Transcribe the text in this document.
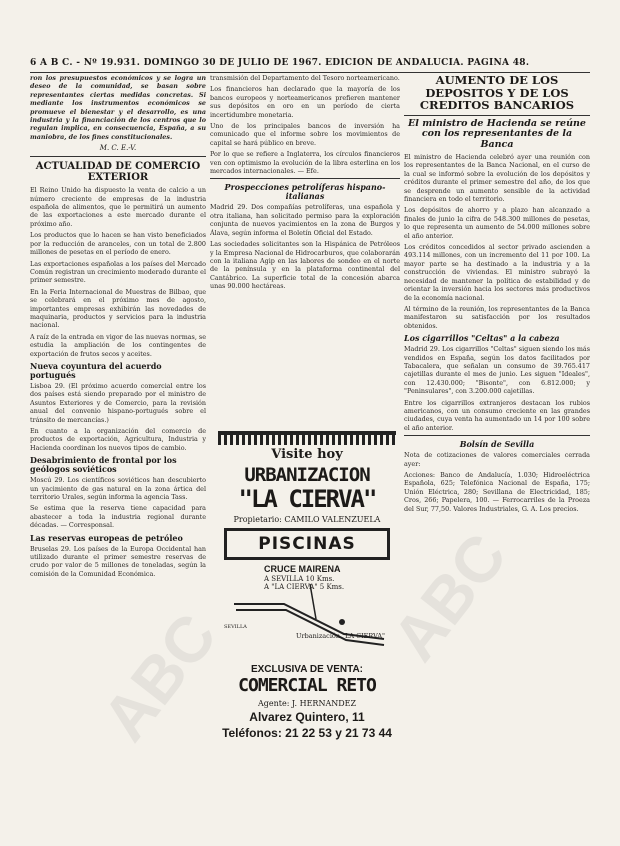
6 A B C. - Nº 19.931. DOMINGO 30 DE JULIO DE 1967. EDICION DE ANDALUCIA. PAGINA 48.

ron los presupuestos económicos y se logra un deseo de la comunidad, se basan sobre representantes ciertas medidas concretas. Si mediante los instrumentos económicos se promueve el bienestar y el desarrollo, es una industria y la financiación de los centros que lo regulan implica, en consecuencia, España, a su maniobra, de los fines constitucionales.

M. C. E.-V.
ACTUALIDAD DE COMERCIO EXTERIOR

El Reino Unido ha dispuesto la venta de calcio a un número creciente de empresas de la industria española de alimentos, que le permitirá un aumento de las exportaciones a este mercado durante el próximo año.

Los productos que lo hacen se han visto beneficiados por la reducción de aranceles, con un total de 2.800 millones de pesetas en el período de enero.

Las exportaciones españolas a los países del Mercado Común registran un crecimiento moderado durante el primer semestre.

En la Feria Internacional de Muestras de Bilbao, que se celebrará en el próximo mes de agosto, importantes empresas exhibirán las novedades de maquinaria, productos y servicios para la industria nacional.

A raíz de la entrada en vigor de las nuevas normas, se estudia la ampliación de los contingentes de exportación de frutos secos y aceites.

Nueva coyuntura del acuerdo portugués

Lisboa 29. (El próximo acuerdo comercial entre los dos países está siendo preparado por el ministro de Asuntos Exteriores y de Comercio, para la revisión anual del convenio hispano-portugués sobre el tránsito de mercancías.)

En cuanto a la organización del comercio de productos de exportación, Agricultura, Industria y Hacienda coordinan los nuevos tipos de cambio.

Desabrimiento de frontal por los geólogos soviéticos

Moscú 29. Los científicos soviéticos han descubierto un yacimiento de gas natural en la zona ártica del territorio Urales, según informa la agencia Tass.

Se estima que la reserva tiene capacidad para abastecer a toda la industria regional durante décadas. — Corresponsal.

Las reservas europeas de petróleo

Bruselas 29. Los países de la Europa Occidental han utilizado durante el primer semestre reservas de crudo por valor de 5 millones de toneladas, según la comisión de la Comunidad Económica.

transmisión del Departamento del Tesoro norteamericano.

Los financieros han declarado que la mayoría de los bancos europeos y norteamericanos prefieren mantener sus depósitos en oro en un período de cierta incertidumbre monetaria.

Uno de los principales bancos de inversión ha comunicado que el informe sobre los movimientos de capital se hará público en breve.

Por lo que se refiere a Inglaterra, los círculos financieros ven con optimismo la evolución de la libra esterlina en los mercados internacionales. — Efe.

Prospecciones petrolíferas hispano-italianas

Madrid 29. Dos compañías petrolíferas, una española y otra italiana, han solicitado permiso para la exploración conjunta de nuevos yacimientos en la zona de Burgos y Álava, según informa el Boletín Oficial del Estado.

Las sociedades solicitantes son la Hispánica de Petróleos y la Empresa Nacional de Hidrocarburos, que colaborarán con la italiana Agip en las labores de sondeo en el norte de la península y en la plataforma continental del Cantábrico. La superficie total de la concesión abarca unas 90.000 hectáreas.

Visite hoy
URBANIZACION
"LA CIERVA"
Propietario: CAMILO VALENZUELA
PISCINAS
CRUCE MAIRENA
A SEVILLA 10 Kms.
A "LA CIERVA" 5 Kms.
SEVILLA
Urbanización "LA CIERVA"
EXCLUSIVA DE VENTA:
COMERCIAL RETO
Agente: J. HERNANDEZ
Alvarez Quintero, 11
Teléfonos: 21 22 53 y 21 73 44
AUMENTO DE LOS DEPOSITOS Y DE LOS CREDITOS BANCARIOS
El ministro de Hacienda se reúne con los representantes de la Banca

El ministro de Hacienda celebró ayer una reunión con los representantes de la Banca Nacional, en el curso de la cual se informó sobre la evolución de los depósitos y créditos durante el primer semestre del año, de los que se desprende un aumento sensible de la actividad financiera en todo el territorio.

Los depósitos de ahorro y a plazo han alcanzado a finales de junio la cifra de 548.300 millones de pesetas, lo que representa un aumento de 54.000 millones sobre el año anterior.

Los créditos concedidos al sector privado ascienden a 493.114 millones, con un incremento del 11 por 100. La mayor parte se ha destinado a la industria y a la construcción de viviendas. El ministro subrayó la necesidad de mantener la política de estabilidad y de orientar la inversión hacia los sectores más productivos de la economía nacional.

Al término de la reunión, los representantes de la Banca manifestaron su satisfacción por los resultados obtenidos.

Los cigarrillos "Celtas" a la cabeza

Madrid 29. Los cigarrillos "Celtas" siguen siendo los más vendidos en España, según los datos facilitados por Tabacalera, que señalan un consumo de 39.765.417 cajetillas durante el mes de junio. Les siguen "Ideales", con 12.430.000; "Bisonte", con 6.812.000; y "Peninsulares", con 3.200.000 cajetillas.

Entre los cigarrillos extranjeros destacan los rubios americanos, con un consumo creciente en las grandes ciudades, cuya venta ha aumentado un 14 por 100 sobre el año anterior.

Bolsín de Sevilla

Nota de cotizaciones de valores comerciales cerrada ayer:

Acciones: Banco de Andalucía, 1.030; Hidroeléctrica Española, 625; Telefónica Nacional de España, 175; Unión Eléctrica, 280; Sevillana de Electricidad, 185; Cros, 266; Papelera, 100. — Ferrocarriles de la Proeza del Sur, 77,50. Valores Industriales, G. A. Los precios.

ABC
ABC
